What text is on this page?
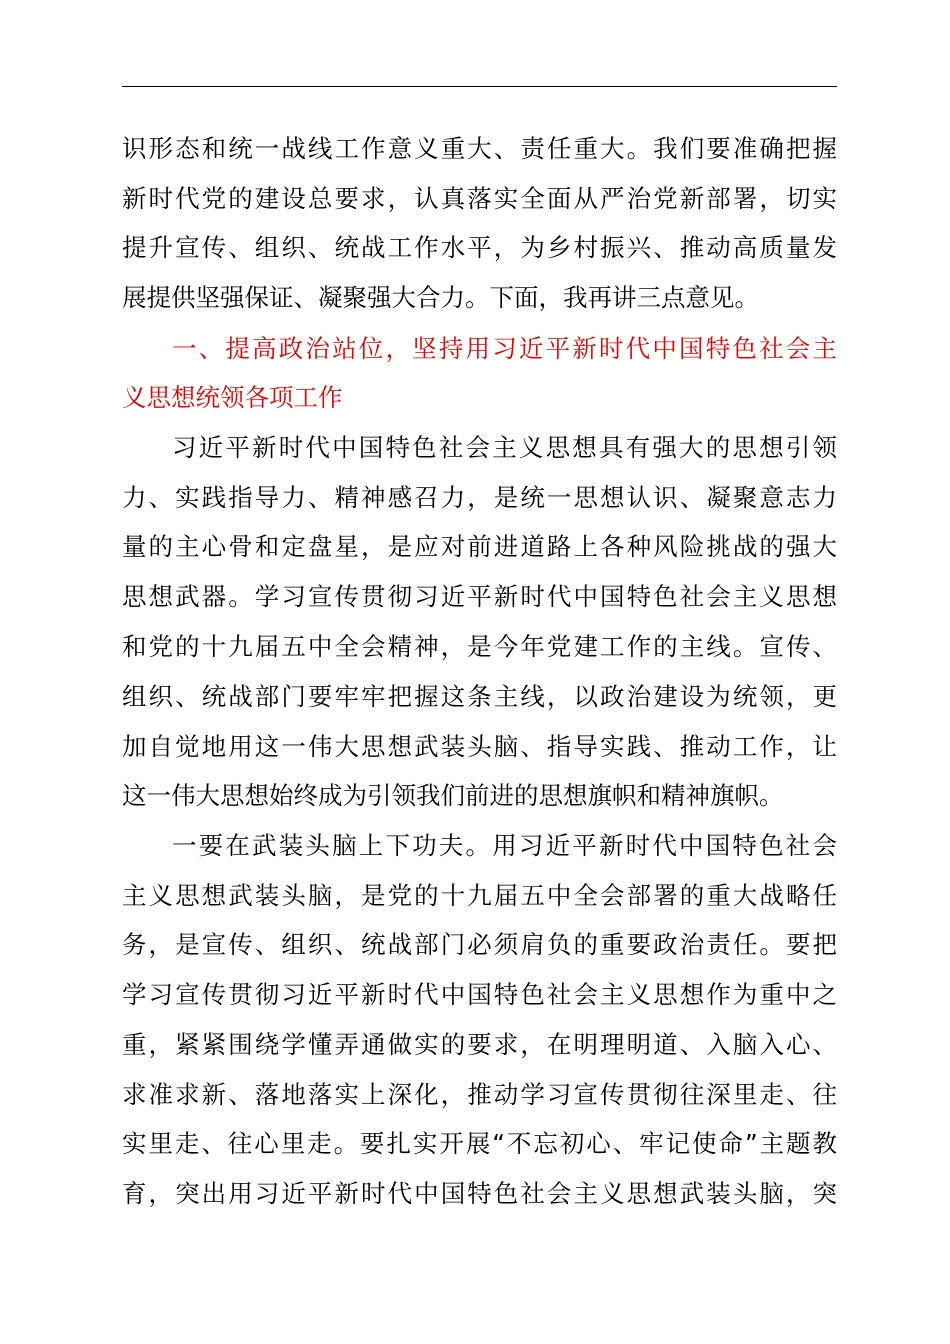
识形态和统一战线工作意义重大、责任重大。我们要准确把握
新时代党的建设总要求，认真落实全面从严治党新部署，切实
提升宣传、组织、统战工作水平，为乡村振兴、推动高质量发
展提供坚强保证、凝聚强大合力。下面，我再讲三点意见。
一、提高政治站位，坚持用习近平新时代中国特色社会主
义思想统领各项工作
习近平新时代中国特色社会主义思想具有强大的思想引领
力、实践指导力、精神感召力，是统一思想认识、凝聚意志力
量的主心骨和定盘星，是应对前进道路上各种风险挑战的强大
思想武器。学习宣传贯彻习近平新时代中国特色社会主义思想
和党的十九届五中全会精神，是今年党建工作的主线。宣传、
组织、统战部门要牢牢把握这条主线，以政治建设为统领，更
加自觉地用这一伟大思想武装头脑、指导实践、推动工作，让
这一伟大思想始终成为引领我们前进的思想旗帜和精神旗帜。
一要在武装头脑上下功夫。用习近平新时代中国特色社会
主义思想武装头脑，是党的十九届五中全会部署的重大战略任
务，是宣传、组织、统战部门必须肩负的重要政治责任。要把
学习宣传贯彻习近平新时代中国特色社会主义思想作为重中之
重，紧紧围绕学懂弄通做实的要求，在明理明道、入脑入心、
求准求新、落地落实上深化，推动学习宣传贯彻往深里走、往
实里走、往心里走。要扎实开展“不忘初心、牢记使命”主题教
育，突出用习近平新时代中国特色社会主义思想武装头脑，突
